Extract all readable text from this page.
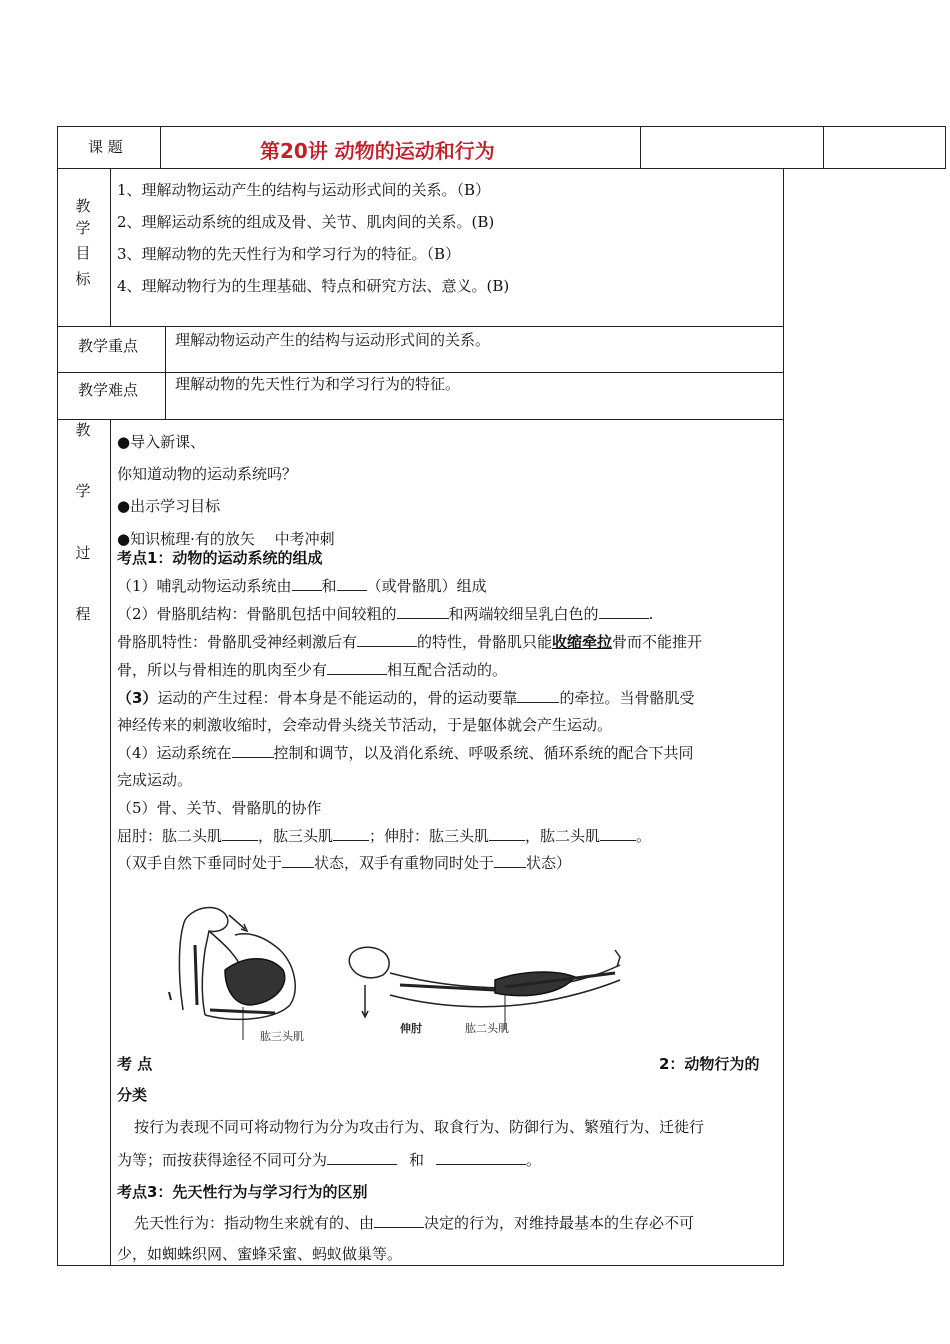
课 题	第20讲 动物的运动和行为
教
学
目
标
1、理解动物运动产生的结构与运动形式间的关系。（B）
2、理解运动系统的组成及骨、关节、肌肉间的关系。(B)
3、理解动物的先天性行为和学习行为的特征。（B）
4、理解动物行为的生理基础、特点和研究方法、意义。(B)
教学重点 理解动物运动产生的结构与运动形式间的关系。
教学难点 理解动物的先天性行为和学习行为的特征。
教
学
过
程
●导入新课、
你知道动物的运动系统吗？
●出示学习目标
●知识梳理·有的放矢　 中考冲刺
考点1：动物的运动系统的组成
（1）哺乳动物运动系统由 和 （或骨骼肌）组成
（2）骨胳肌结构：骨骼肌包括中间较粗的	和两端较细呈乳白色的	.
骨胳肌特性：骨骼肌受神经刺激后有	的特性，骨骼肌只能收缩牵拉骨而不能推开
骨，所以与骨相连的肌肉至少有	相互配合活动的。
（3）运动的产生过程：骨本身是不能运动的，骨的运动要靠	的牵拉。当骨骼肌受
神经传来的刺激收缩时，会牵动骨头绕关节活动，于是躯体就会产生运动。
（4）运动系统在	控制和调节，以及消化系统、呼吸系统、循环系统的配合下共同
完成运动。
（5）骨、关节、骨骼肌的协作
屈肘：肱二头肌 ，肱三头肌 ；伸肘：肱三头肌 ，肱二头肌 。
（双手自然下垂同时处于 状态，双手有重物同时处于 状态）
肱三头肌
伸肘	肱二头肌
考 点	2：动物行为的
分类
按行为表现不同可将动物行为分为攻击行为、取食行为、防御行为、繁殖行为、迁徙行
为等；而按获得途径不同可分为	和	。
考点3：先天性行为与学习行为的区别
先天性行为：指动物生来就有的、由	决定的行为，对维持最基本的生存必不可
少，如蜘蛛织网、蜜蜂采蜜、蚂蚁做巢等。
